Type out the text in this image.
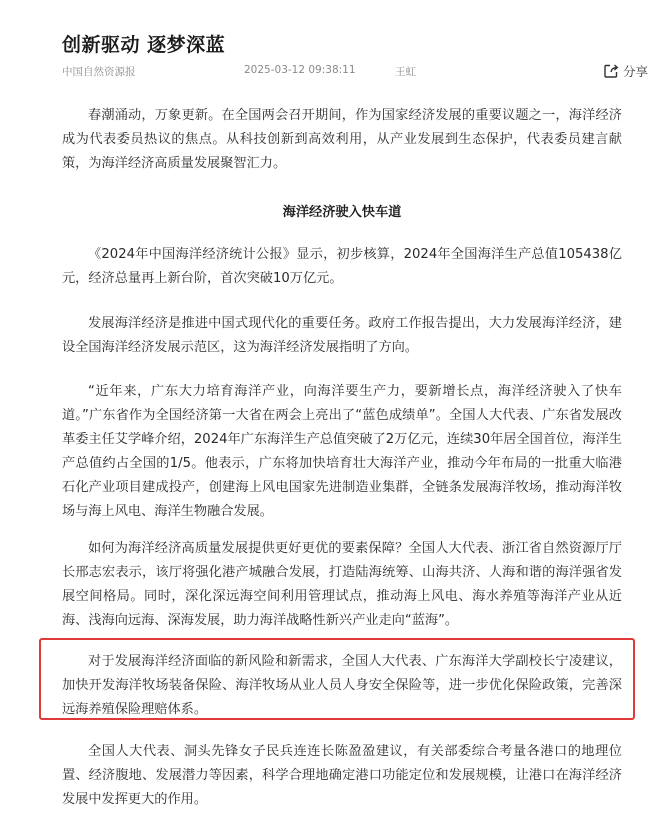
创新驱动 逐梦深蓝
中国自然资源报	2025-03-12 09:38:11	王虹	分享

春潮涌动，万象更新。在全国两会召开期间，作为国家经济发展的重要议题之一，海洋经济成为代表委员热议的焦点。从科技创新到高效利用，从产业发展到生态保护，代表委员建言献策，为海洋经济高质量发展聚智汇力。

海洋经济驶入快车道

《2024年中国海洋经济统计公报》显示，初步核算，2024年全国海洋生产总值105438亿元，经济总量再上新台阶，首次突破10万亿元。

发展海洋经济是推进中国式现代化的重要任务。政府工作报告提出，大力发展海洋经济，建设全国海洋经济发展示范区，这为海洋经济发展指明了方向。

“近年来，广东大力培育海洋产业，向海洋要生产力，要新增长点，海洋经济驶入了快车道。”广东省作为全国经济第一大省在两会上亮出了“蓝色成绩单”。全国人大代表、广东省发展改革委主任艾学峰介绍，2024年广东海洋生产总值突破了2万亿元，连续30年居全国首位，海洋生产总值约占全国的1/5。他表示，广东将加快培育壮大海洋产业，推动今年布局的一批重大临港石化产业项目建成投产，创建海上风电国家先进制造业集群，全链条发展海洋牧场，推动海洋牧场与海上风电、海洋生物融合发展。

如何为海洋经济高质量发展提供更好更优的要素保障？全国人大代表、浙江省自然资源厅厅长邢志宏表示，该厅将强化港产城融合发展，打造陆海统筹、山海共济、人海和谐的海洋强省发展空间格局。同时，深化深远海空间利用管理试点，推动海上风电、海水养殖等海洋产业从近海、浅海向远海、深海发展，助力海洋战略性新兴产业走向“蓝海”。

对于发展海洋经济面临的新风险和新需求，全国人大代表、广东海洋大学副校长宁凌建议，加快开发海洋牧场装备保险、海洋牧场从业人员人身安全保险等，进一步优化保险政策，完善深远海养殖保险理赔体系。

全国人大代表、洞头先锋女子民兵连连长陈盈盈建议，有关部委综合考量各港口的地理位置、经济腹地、发展潜力等因素，科学合理地确定港口功能定位和发展规模，让港口在海洋经济发展中发挥更大的作用。
